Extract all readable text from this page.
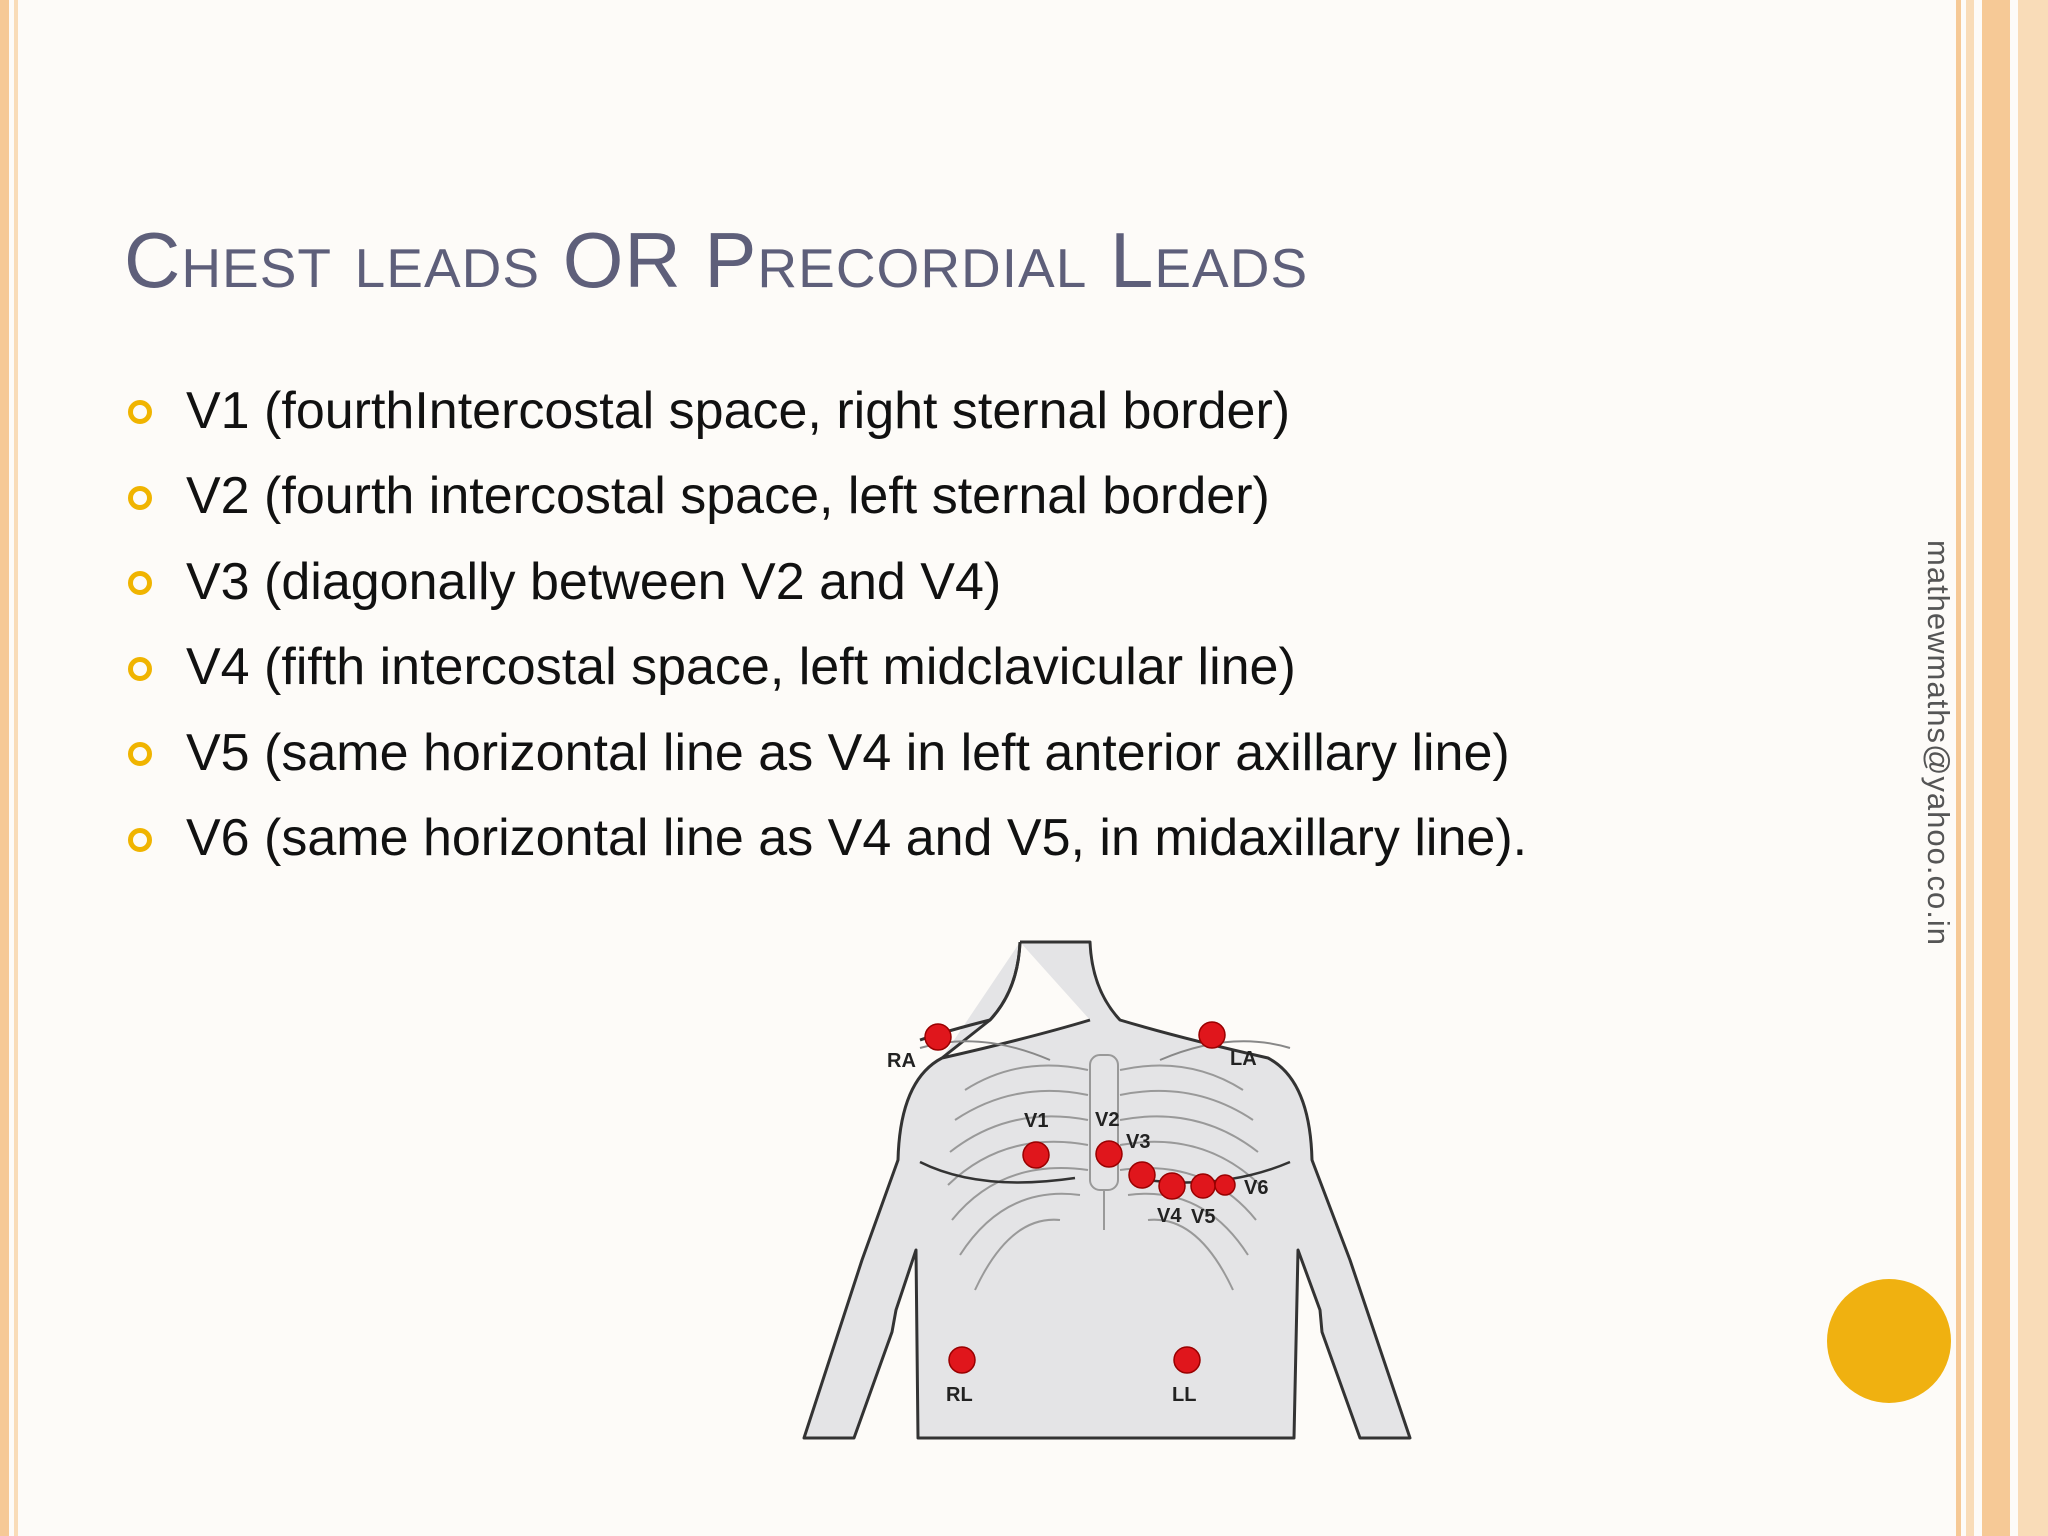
Chest leads OR Precordial Leads
V1 (fourthIntercostal space, right sternal border)
V2 (fourth intercostal space, left sternal border)
V3 (diagonally between V2 and V4)
V4 (fifth intercostal space, left midclavicular line)
V5 (same horizontal line as V4 in left anterior axillary line)
V6 (same horizontal line as V4 and V5, in midaxillary line).	mathewmaths@yahoo.co.in
RA	LA
V1 V2
V3
V4 V5
V6
RL	LL
